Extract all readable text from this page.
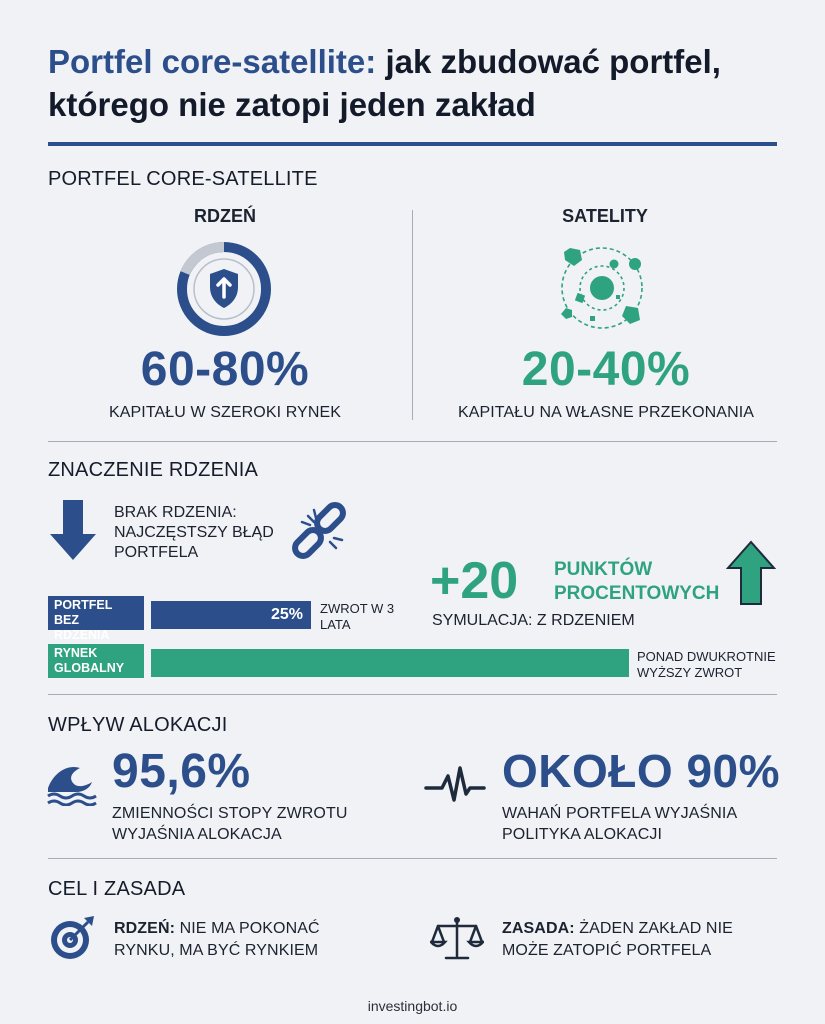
Portfel core-satellite: jak zbudować portfel, którego nie zatopi jeden zakład
PORTFEL CORE-SATELLITE
RDZEŃ
60-80%
KAPITAŁU W SZEROKI RYNEK
SATELITY
20-40%
KAPITAŁU NA WŁASNE PRZEKONANIA
ZNACZENIE RDZENIA
BRAK RDZENIA: NAJCZĘSTSZY BŁĄD PORTFELA	+20 PUNKTÓW PROCENTOWYCH
SYMULACJA: Z RDZENIEM
PORTFEL BEZ RDZENIA
25% ZWROT W 3 LATA
RYNEK GLOBALNY
PONAD DWUKROTNIE WYŻSZY ZWROT
WPŁYW ALOKACJI
95,6%
ZMIENNOŚCI STOPY ZWROTU WYJAŚNIA ALOKACJA
OKOŁO 90%
WAHAŃ PORTFELA WYJAŚNIA POLITYKA ALOKACJI
CEL I ZASADA
RDZEŃ: NIE MA POKONAĆ RYNKU, MA BYĆ RYNKIEM
ZASADA: ŻADEN ZAKŁAD NIE MOŻE ZATOPIĆ PORTFELA
investingbot.io
